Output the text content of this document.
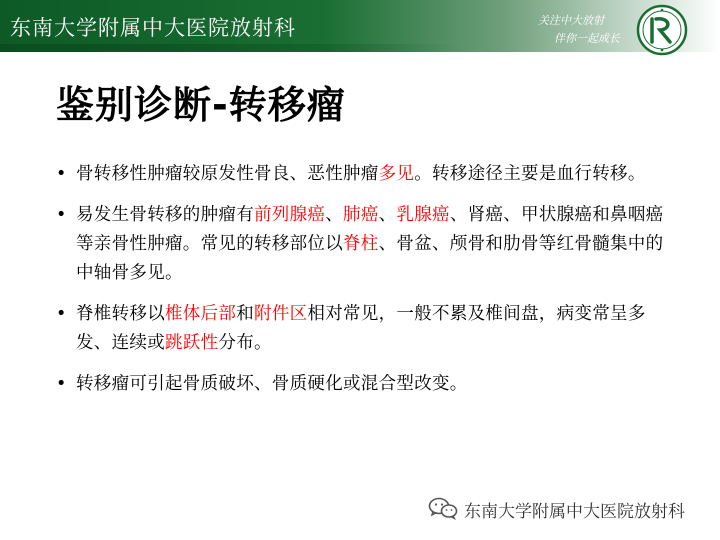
东南大学附属中大医院放射科	关注中大放射
伴你一起成长
鉴别诊断-转移瘤
• 骨转移性肿瘤较原发性骨良、恶性肿瘤多见。转移途径主要是血行转移。
• 易发生骨转移的肿瘤有前列腺癌、肺癌、乳腺癌、肾癌、甲状腺癌和鼻咽癌等亲骨性肿瘤。常见的转移部位以脊柱、骨盆、颅骨和肋骨等红骨髓集中的中轴骨多见。
• 脊椎转移以椎体后部和附件区相对常见，一般不累及椎间盘，病变常呈多发、连续或跳跃性分布。
• 转移瘤可引起骨质破坏、骨质硬化或混合型改变。
东南大学附属中大医院放射科
